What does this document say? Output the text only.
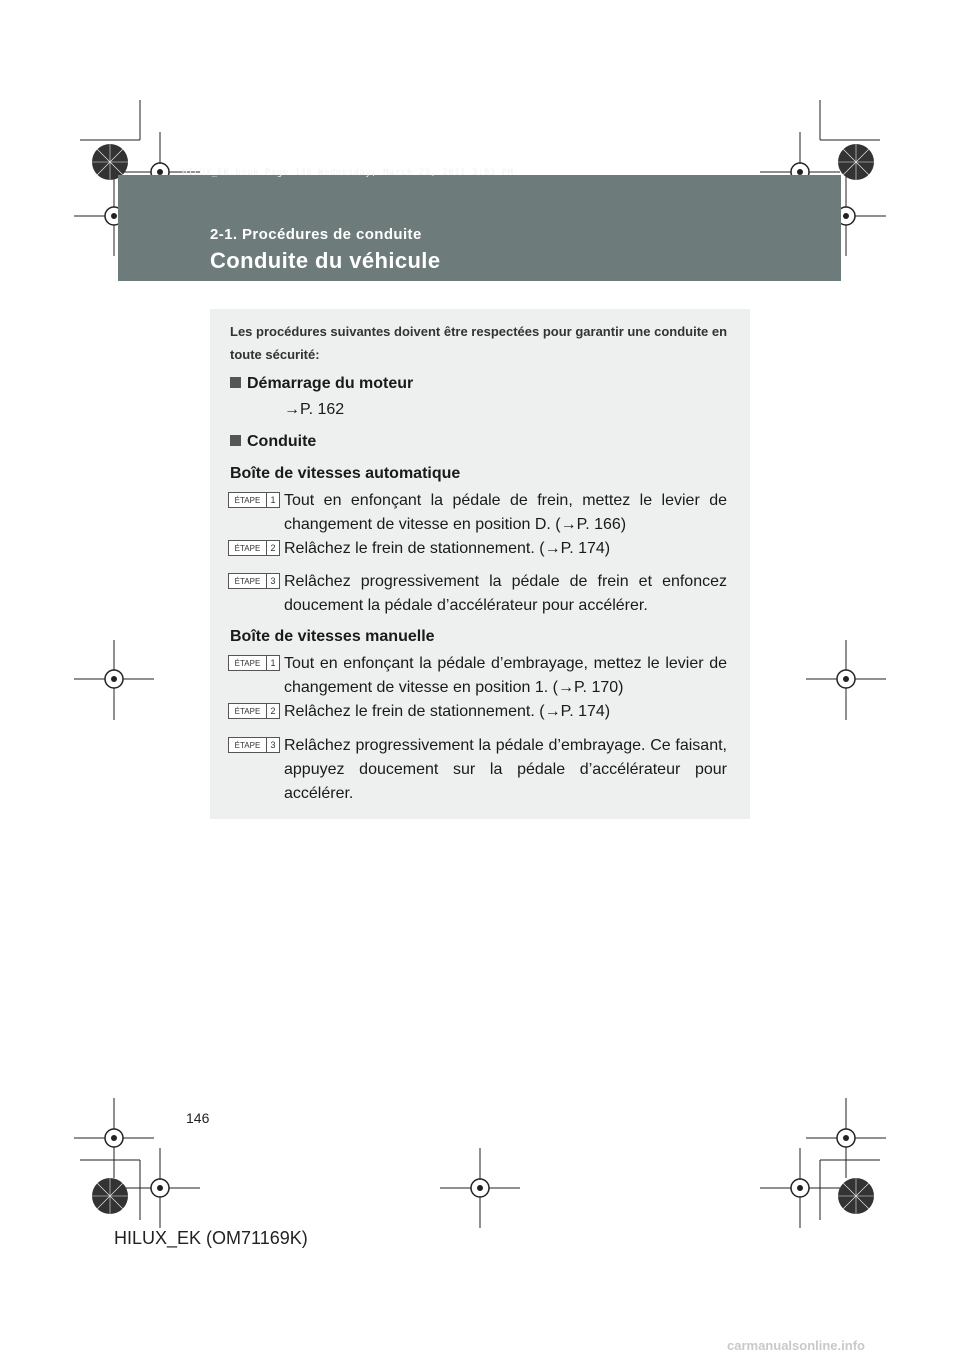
HILUX_EK.book Page 146 Wednesday, March 23, 2011 3:03 PM
2-1. Procédures de conduite
Conduite du véhicule
Les procédures suivantes doivent être respectées pour garantir une conduite en toute sécurité:
Démarrage du moteur
→P. 162
Conduite
Boîte de vitesses automatique
ÉTAPE	1 Tout en enfonçant la pédale de frein, mettez le levier de changement de vitesse en position D. (→P. 166)
ÉTAPE	2 Relâchez le frein de stationnement. (→P. 174)
ÉTAPE	3 Relâchez progressivement la pédale de frein et enfoncez doucement la pédale d’accélérateur pour accélérer.
Boîte de vitesses manuelle
ÉTAPE	1 Tout en enfonçant la pédale d’embrayage, mettez le levier de changement de vitesse en position 1. (→P. 170)
ÉTAPE	2 Relâchez le frein de stationnement. (→P. 174)
ÉTAPE	3 Relâchez progressivement la pédale d’embrayage. Ce faisant, appuyez doucement sur la pédale d’accélérateur pour accélérer.
146
HILUX_EK (OM71169K)
carmanualsonline.info
